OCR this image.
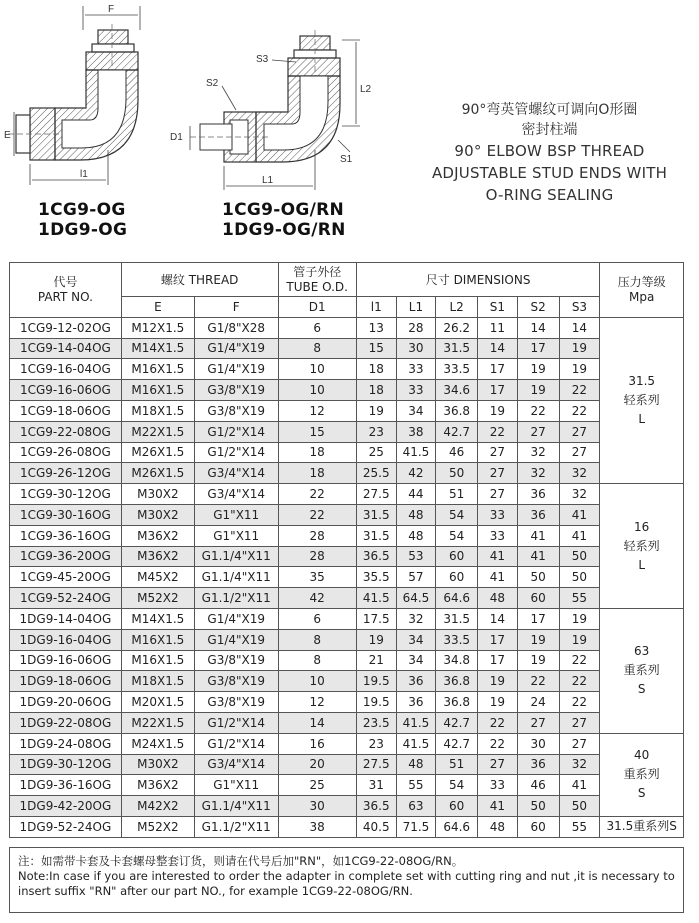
F
E
l1
S3
S2
D1
L2
S1
L1
1CG9-OG
1DG9-OG
1CG9-OG/RN
1DG9-OG/RN
90°弯英管螺纹可调向O形圈
密封柱端
90° ELBOW BSP THREAD
ADJUSTABLE STUD ENDS WITH
O-RING SEALING
代号
PART NO.	螺纹 THREAD		管子外径
TUBE O.D.	尺寸 DIMENSIONS						压力等级
Mpa
	E	F	D1	l1	L1	L2	S1	S2	S3	
1CG9-12-02OG	M12X1.5	G1/8"X28	6	13	28	26.2	11	14	14	31.5
轻系列
L

1CG9-14-04OG	M14X1.5	G1/4"X19	8	15	30	31.5	14	17	19	
1CG9-16-04OG	M16X1.5	G1/4"X19	10	18	33	33.5	17	19	19	
1CG9-16-06OG	M16X1.5	G3/8"X19	10	18	33	34.6	17	19	22	
1CG9-18-06OG	M18X1.5	G3/8"X19	12	19	34	36.8	19	22	22	
1CG9-22-08OG	M22X1.5	G1/2"X14	15	23	38	42.7	22	27	27	
1CG9-26-08OG	M26X1.5	G1/2"X14	18	25	41.5	46	27	32	27	
1CG9-26-12OG	M26X1.5	G3/4"X14	18	25.5	42	50	27	32	32	
1CG9-30-12OG	M30X2	G3/4"X14	22	27.5	44	51	27	36	32	16
轻系列
L

1CG9-30-16OG	M30X2	G1"X11	22	31.5	48	54	33	36	41	
1CG9-36-16OG	M36X2	G1"X11	28	31.5	48	54	33	41	41	
1CG9-36-20OG	M36X2	G1.1/4"X11	28	36.5	53	60	41	41	50	
1CG9-45-20OG	M45X2	G1.1/4"X11	35	35.5	57	60	41	50	50	
1CG9-52-24OG	M52X2	G1.1/2"X11	42	41.5	64.5	64.6	48	60	55	
1DG9-14-04OG	M14X1.5	G1/4"X19	6	17.5	32	31.5	14	17	19	63
重系列
S

1DG9-16-04OG	M16X1.5	G1/4"X19	8	19	34	33.5	17	19	19	
1DG9-16-06OG	M16X1.5	G3/8"X19	8	21	34	34.8	17	19	22	
1DG9-18-06OG	M18X1.5	G3/8"X19	10	19.5	36	36.8	19	22	22	
1DG9-20-06OG	M20X1.5	G3/8"X19	12	19.5	36	36.8	19	24	22	
1DG9-22-08OG	M22X1.5	G1/2"X14	14	23.5	41.5	42.7	22	27	27	
1DG9-24-08OG	M24X1.5	G1/2"X14	16	23	41.5	42.7	22	30	27	40
重系列
S

1DG9-30-12OG	M30X2	G3/4"X14	20	27.5	48	51	27	36	32	
1DG9-36-16OG	M36X2	G1"X11	25	31	55	54	33	46	41	
1DG9-42-20OG	M42X2	G1.1/4"X11	30	36.5	63	60	41	50	50	
1DG9-52-24OG	M52X2	G1.1/2"X11	38	40.5	71.5	64.6	48	60	55	31.5重系列S
注：如需带卡套及卡套螺母整套订货，则请在代号后加"RN"，如1CG9-22-08OG/RN。
Note:In case if you are interested to order the adapter in complete set with cutting ring and nut ,it is necessary to
insert suffix "RN" after our part NO., for example 1CG9-22-08OG/RN.
